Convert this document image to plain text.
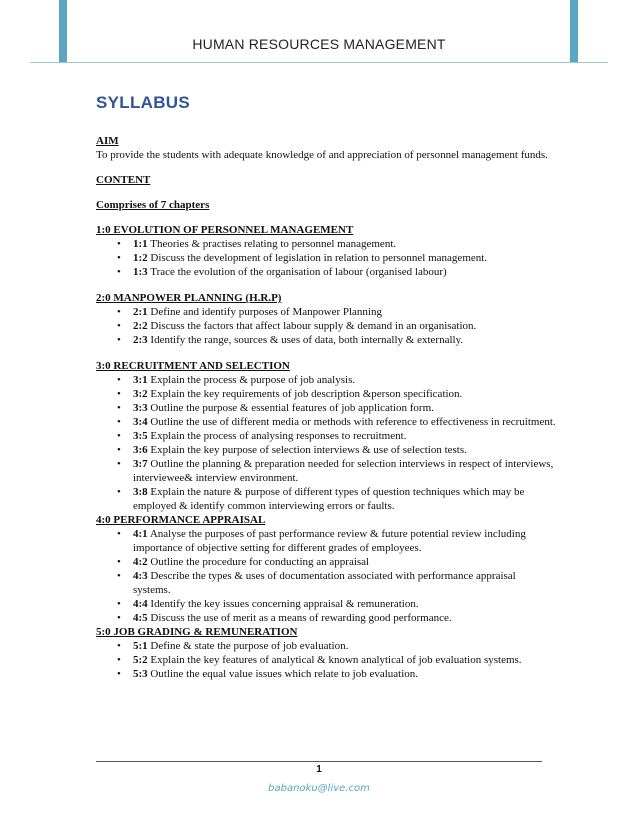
HUMAN RESOURCES MANAGEMENT
SYLLABUS
AIM
To provide the students with adequate knowledge of and appreciation of personnel management funds.
CONTENT
Comprises of 7 chapters
1:0 EVOLUTION OF PERSONNEL MANAGEMENT
• 1:1 Theories & practises relating to personnel management.
• 1:2 Discuss the development of legislation in relation to personnel management.
• 1:3 Trace the evolution of the organisation of labour (organised labour)
2:0 MANPOWER PLANNING (H.R.P)
• 2:1 Define and identify purposes of Manpower Planning
• 2:2 Discuss the factors that affect labour supply & demand in an organisation.
• 2:3 Identify the range, sources & uses of data, both internally & externally.
3:0 RECRUITMENT AND SELECTION
• 3:1 Explain the process & purpose of job analysis.
• 3:2 Explain the key requirements of job description &person specification.
• 3:3 Outline the purpose & essential features of job application form.
• 3:4 Outline the use of different media or methods with reference to effectiveness in recruitment.
• 3:5 Explain the process of analysing responses to recruitment.
• 3:6 Explain the key purpose of selection interviews & use of selection tests.
• 3:7 Outline the planning & preparation needed for selection interviews in respect of interviews, interviewee& interview environment.
• 3:8 Explain the nature & purpose of different types of question techniques which may be employed & identify common interviewing errors or faults.
4:0 PERFORMANCE APPRAISAL
• 4:1 Analyse the purposes of past performance review & future potential review including importance of objective setting for different grades of employees.
• 4:2 Outline the procedure for conducting an appraisal
• 4:3 Describe the types & uses of documentation associated with performance appraisal systems.
• 4:4 Identify the key issues concerning appraisal & remuneration.
• 4:5 Discuss the use of merit as a means of rewarding good performance.
5:0 JOB GRADING & REMUNERATION
• 5:1 Define & state the purpose of job evaluation.
• 5:2 Explain the key features of analytical & known analytical of job evaluation systems.
• 5:3 Outline the equal value issues which relate to job evaluation.
1
babanoku@live.com
